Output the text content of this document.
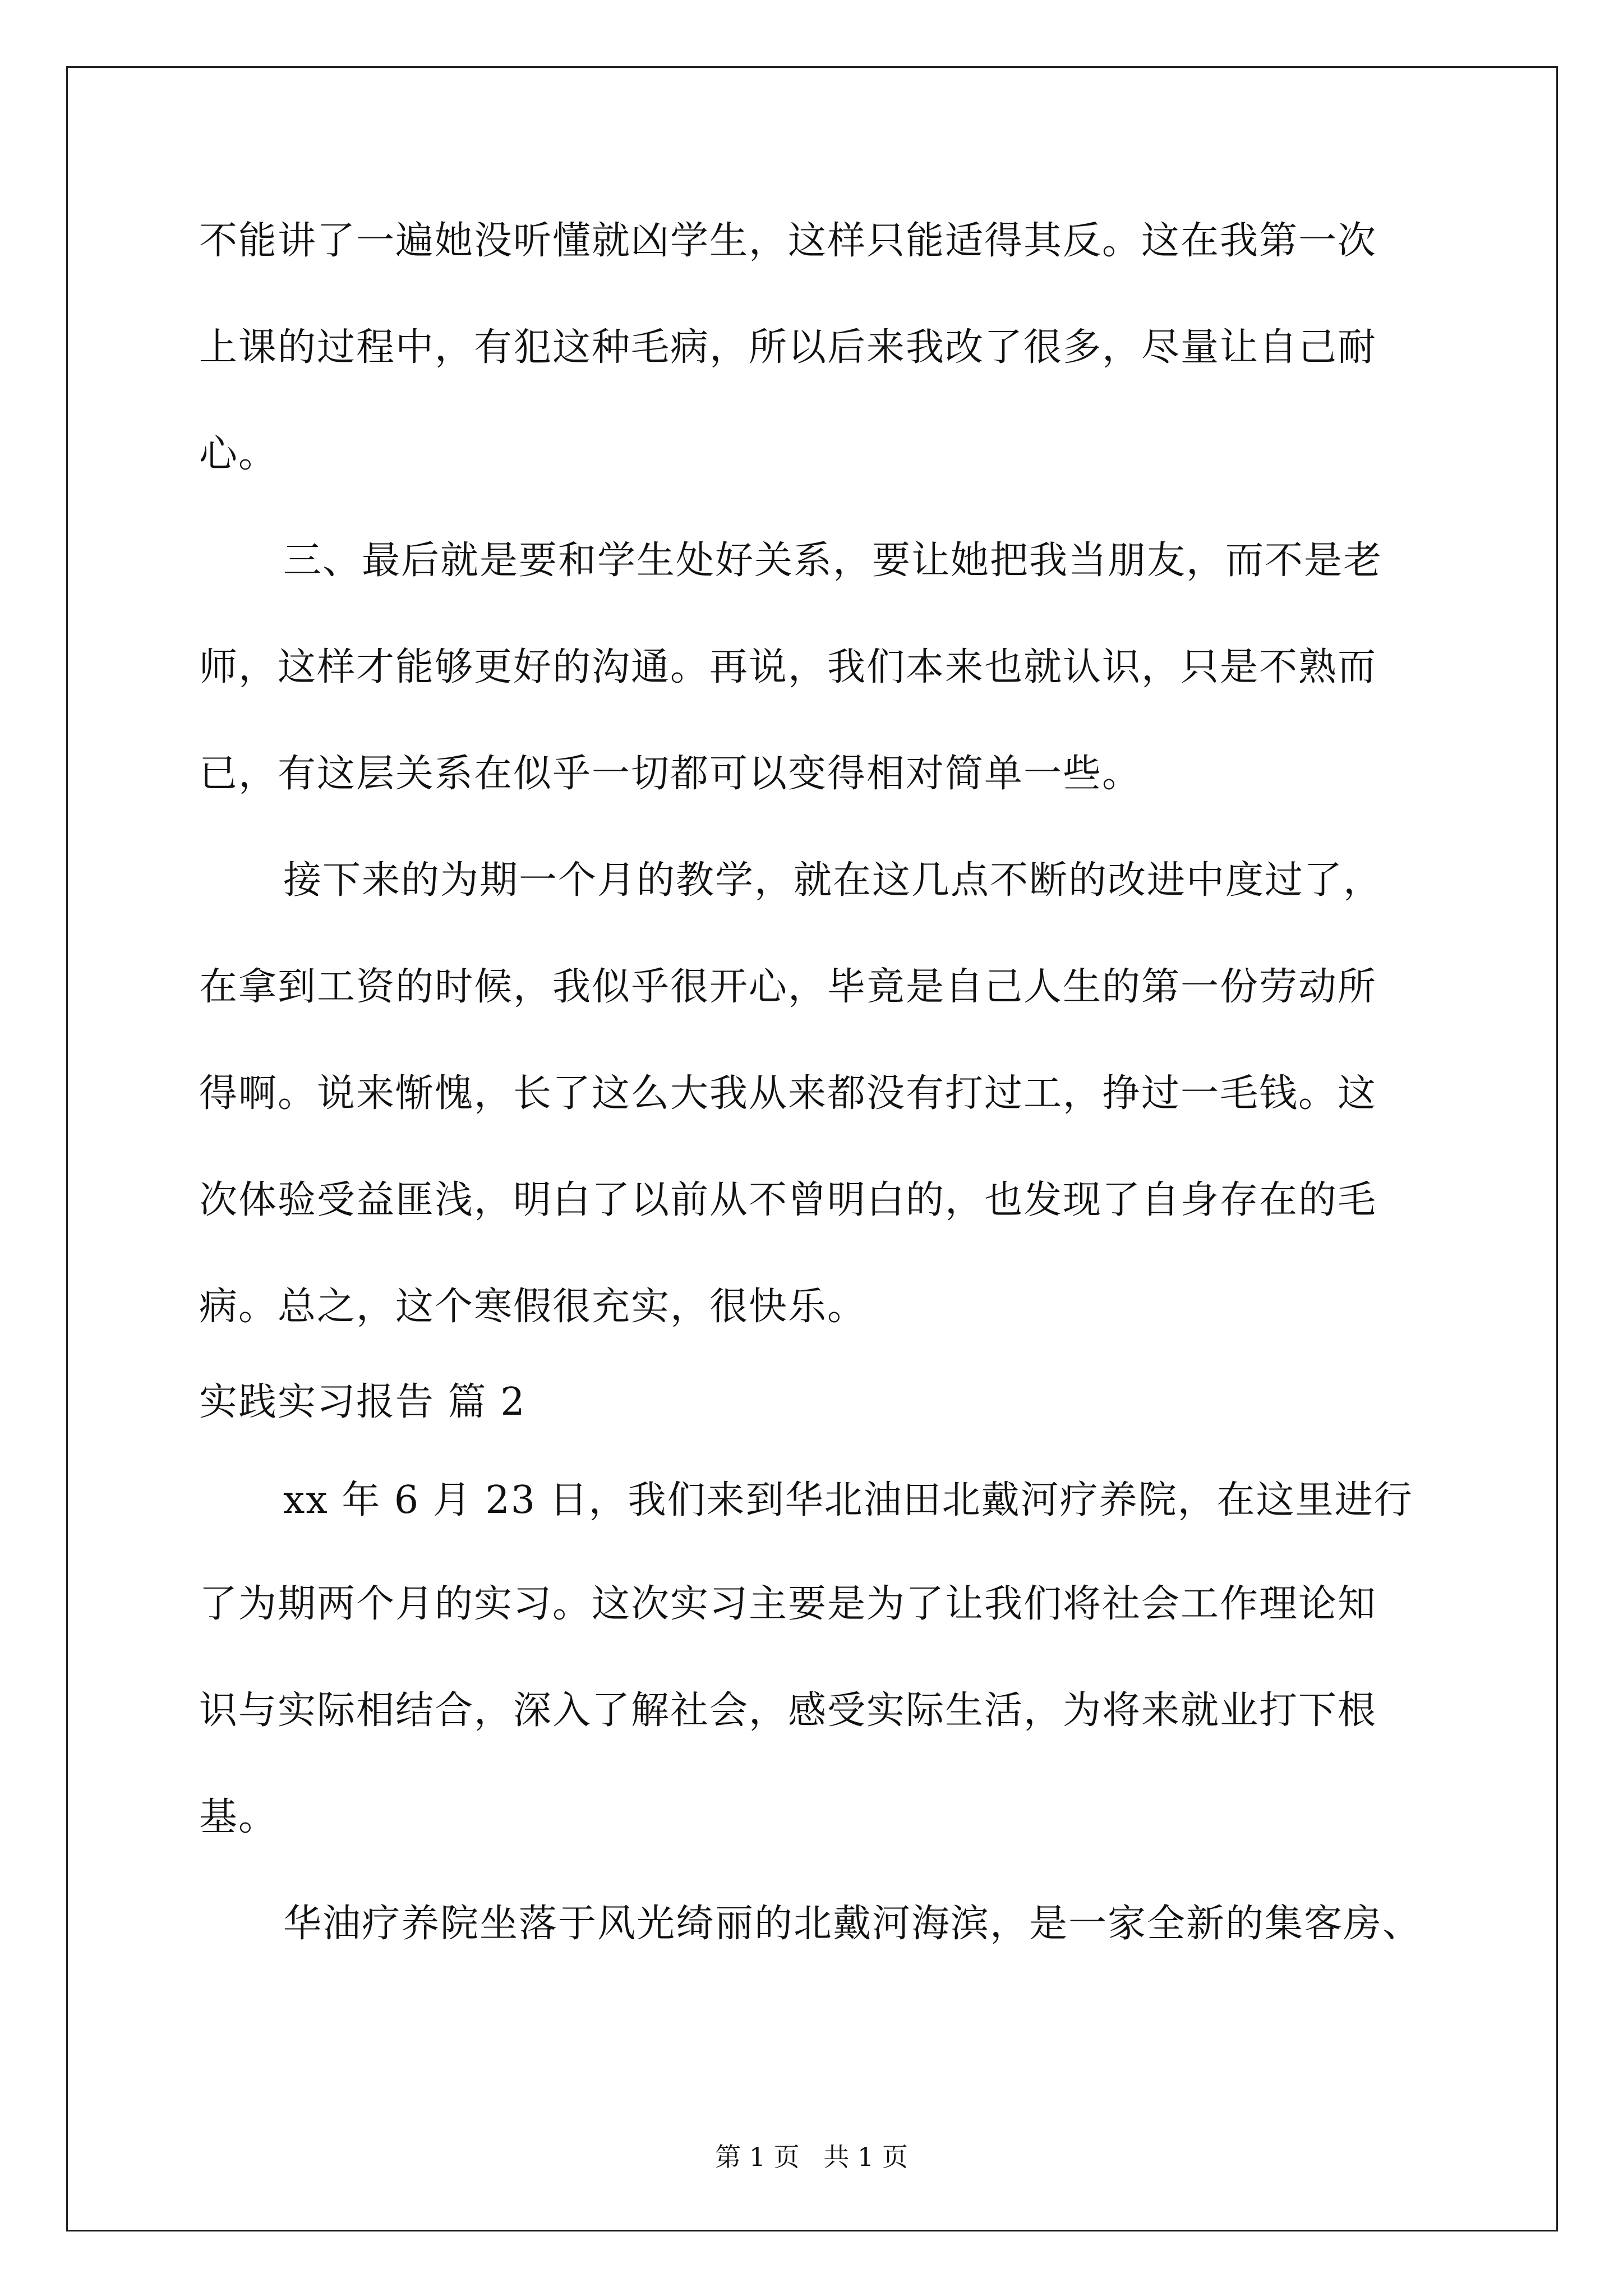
不能讲了一遍她没听懂就凶学生，这样只能适得其反。这在我第一次
上课的过程中，有犯这种毛病，所以后来我改了很多，尽量让自己耐
心。
三、最后就是要和学生处好关系，要让她把我当朋友，而不是老
师，这样才能够更好的沟通。再说，我们本来也就认识，只是不熟而
已，有这层关系在似乎一切都可以变得相对简单一些。
接下来的为期一个月的教学，就在这几点不断的改进中度过了，
在拿到工资的时候，我似乎很开心，毕竟是自己人生的第一份劳动所
得啊。说来惭愧，长了这么大我从来都没有打过工，挣过一毛钱。这
次体验受益匪浅，明白了以前从不曾明白的，也发现了自身存在的毛
病。总之，这个寒假很充实，很快乐。
实践实习报告 篇 2
xx 年 6 月 23 日，我们来到华北油田北戴河疗养院，在这里进行
了为期两个月的实习。这次实习主要是为了让我们将社会工作理论知
识与实际相结合，深入了解社会，感受实际生活，为将来就业打下根
基。
华油疗养院坐落于风光绮丽的北戴河海滨，是一家全新的集客房、
第 1 页 共 1 页
